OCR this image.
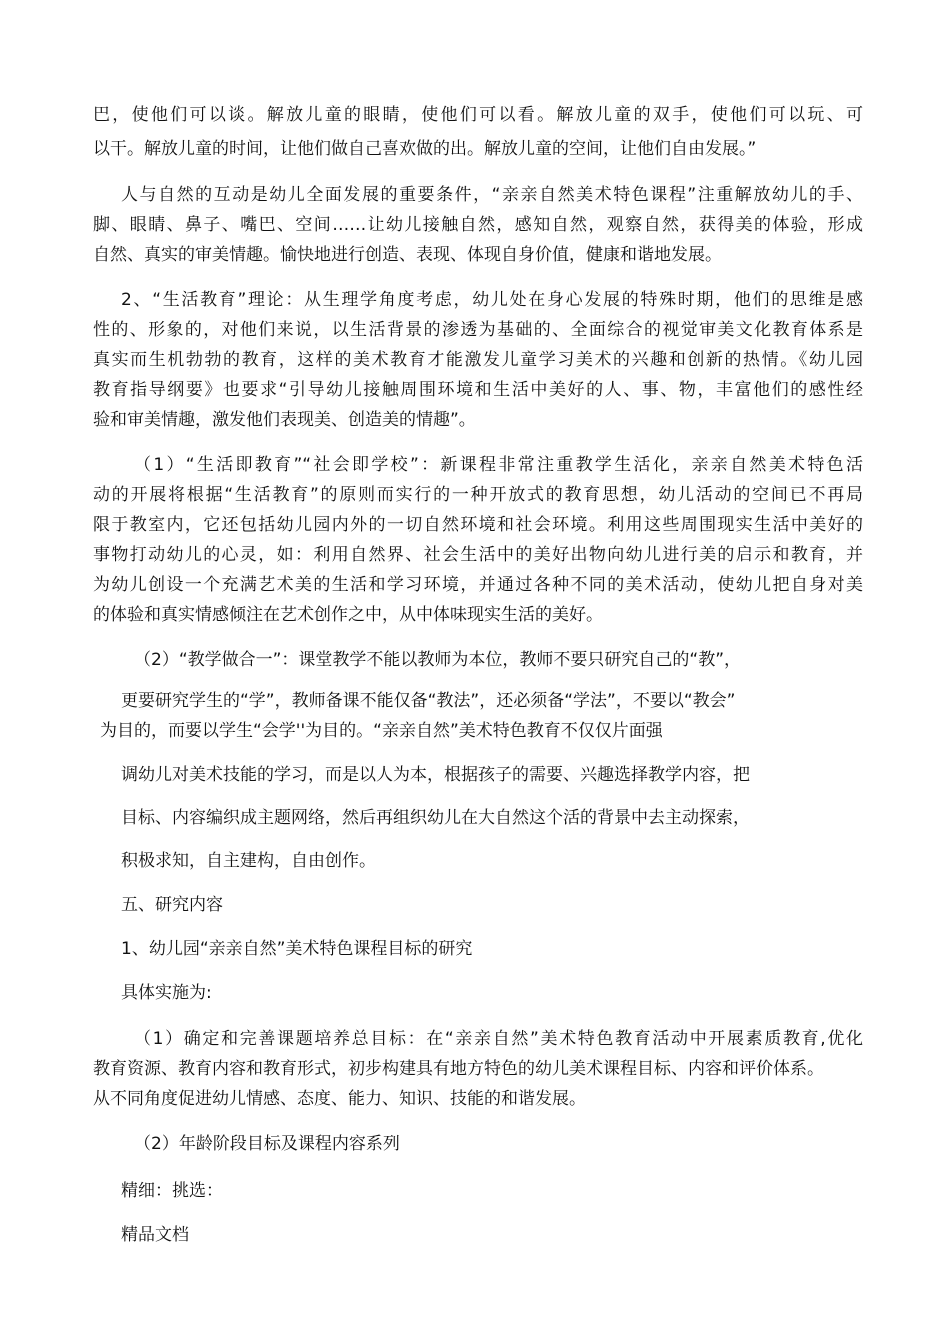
巴，使他们可以谈。解放儿童的眼睛，使他们可以看。解放儿童的双手，使他们可以玩、可
以干。解放儿童的时间，让他们做自己喜欢做的出。解放儿童的空间，让他们自由发展。”
人与自然的互动是幼儿全面发展的重要条件，“亲亲自然美术特色课程”注重解放幼儿的手、
脚、眼睛、鼻子、嘴巴、空间……让幼儿接触自然，感知自然，观察自然，获得美的体验，形成
自然、真实的审美情趣。愉快地进行创造、表现、体现自身价值，健康和谐地发展。
2、“生活教育”理论：从生理学角度考虑，幼儿处在身心发展的特殊时期，他们的思维是感
性的、形象的，对他们来说，以生活背景的渗透为基础的、全面综合的视觉审美文化教育体系是
真实而生机勃勃的教育，这样的美术教育才能激发儿童学习美术的兴趣和创新的热情。《幼儿园
教育指导纲要》也要求“引导幼儿接触周围环境和生活中美好的人、事、物，丰富他们的感性经
验和审美情趣，激发他们表现美、创造美的情趣”。
（1）“生活即教育”“社会即学校”：新课程非常注重教学生活化，亲亲自然美术特色活
动的开展将根据“生活教育”的原则而实行的一种开放式的教育思想，幼儿活动的空间已不再局
限于教室内，它还包括幼儿园内外的一切自然环境和社会环境。利用这些周围现实生活中美好的
事物打动幼儿的心灵，如：利用自然界、社会生活中的美好出物向幼儿进行美的启示和教育，并
为幼儿创设一个充满艺术美的生活和学习环境，并通过各种不同的美术活动，使幼儿把自身对美
的体验和真实情感倾注在艺术创作之中，从中体味现实生活的美好。
（2）“教学做合一”：课堂教学不能以教师为本位，教师不要只研究自己的“教”，
更要研究学生的“学”，教师备课不能仅备“教法”，还必须备“学法”，不要以“教会”
为目的，而要以学生“会学''为目的。“亲亲自然”美术特色教育不仅仅片面强
调幼儿对美术技能的学习，而是以人为本，根据孩子的需要、兴趣选择教学内容，把
目标、内容编织成主题网络，然后再组织幼儿在大自然这个活的背景中去主动探索，
积极求知，自主建构，自由创作。
五、研究内容
1、幼儿园“亲亲自然”美术特色课程目标的研究
具体实施为:
（1）确定和完善课题培养总目标：在“亲亲自然”美术特色教育活动中开展素质教育,优化
教育资源、教育内容和教育形式，初步构建具有地方特色的幼儿美术课程目标、内容和评价体系。
从不同角度促进幼儿情感、态度、能力、知识、技能的和谐发展。
（2）年龄阶段目标及课程内容系列
精细：挑选：
精品文档
